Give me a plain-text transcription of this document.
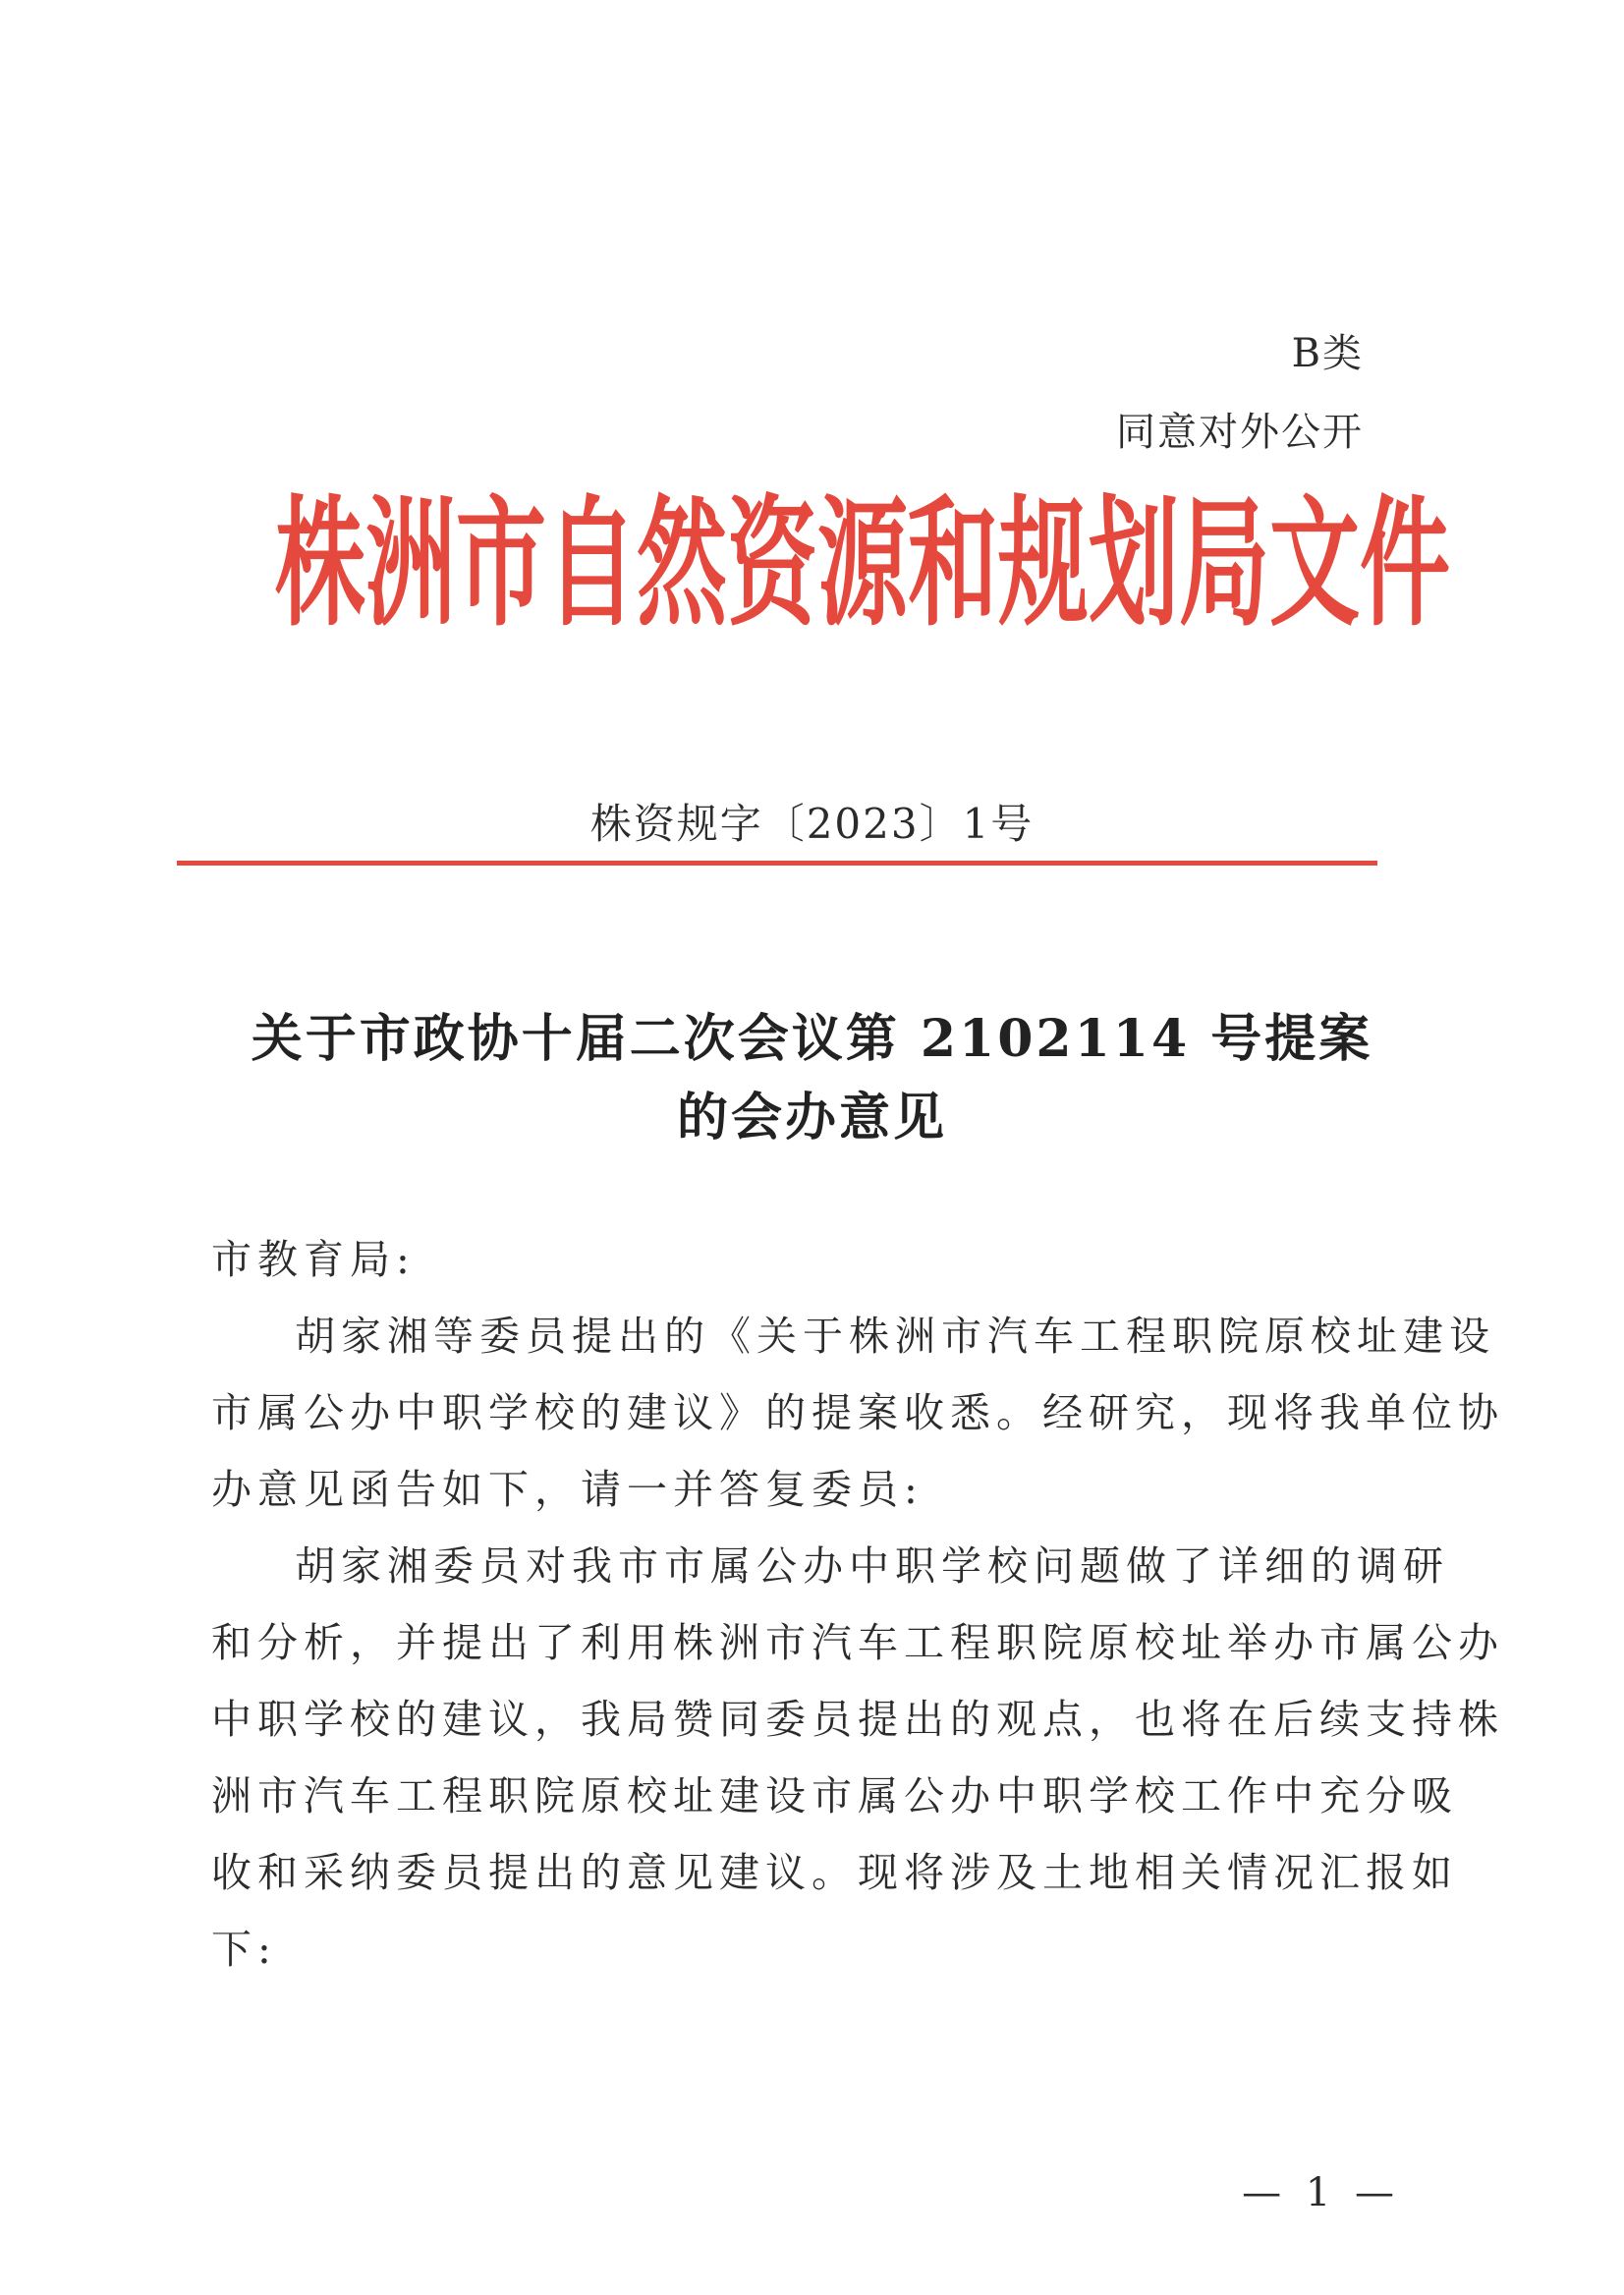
B类
同意对外公开
株洲市自然资源和规划局文件
株资规字〔2023〕1号
关于市政协十届二次会议第 2102114 号提案
的会办意见
市教育局:
胡家湘等委员提出的《关于株洲市汽车工程职院原校址建设
市属公办中职学校的建议》的提案收悉。经研究，现将我单位协
办意见函告如下，请一并答复委员:
胡家湘委员对我市市属公办中职学校问题做了详细的调研
和分析，并提出了利用株洲市汽车工程职院原校址举办市属公办
中职学校的建议，我局赞同委员提出的观点，也将在后续支持株
洲市汽车工程职院原校址建设市属公办中职学校工作中充分吸
收和采纳委员提出的意见建议。现将涉及土地相关情况汇报如
下:
— 1 —
